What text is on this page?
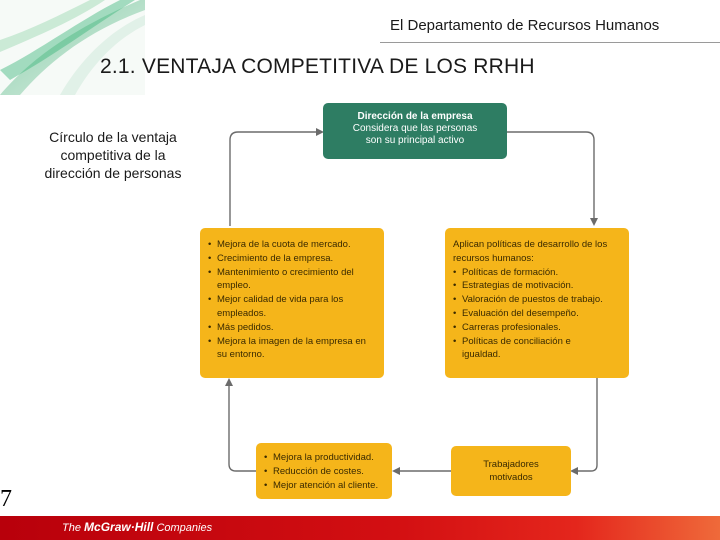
El Departamento de Recursos Humanos
2.1. VENTAJA COMPETITIVA DE LOS RRHH
Círculo de la ventaja
competitiva de la
dirección de personas
Dirección de la empresa
Considera que las personas
son su principal activo
• Mejora de la cuota de mercado.
• Crecimiento de la empresa.
• Mantenimiento o crecimiento del
empleo.
• Mejor calidad de vida para los
empleados.
• Más pedidos.
• Mejora la imagen de la empresa en
su entorno.
Aplican políticas de desarrollo de los
recursos humanos:
• Políticas de formación.
• Estrategias de motivación.
• Valoración de puestos de trabajo.
• Evaluación del desempeño.
• Carreras profesionales.
• Políticas de conciliación e
igualdad.
• Mejora la productividad.
• Reducción de costes.
• Mejor atención al cliente.
Trabajadores
motivados
7
The McGraw·Hill Companies
